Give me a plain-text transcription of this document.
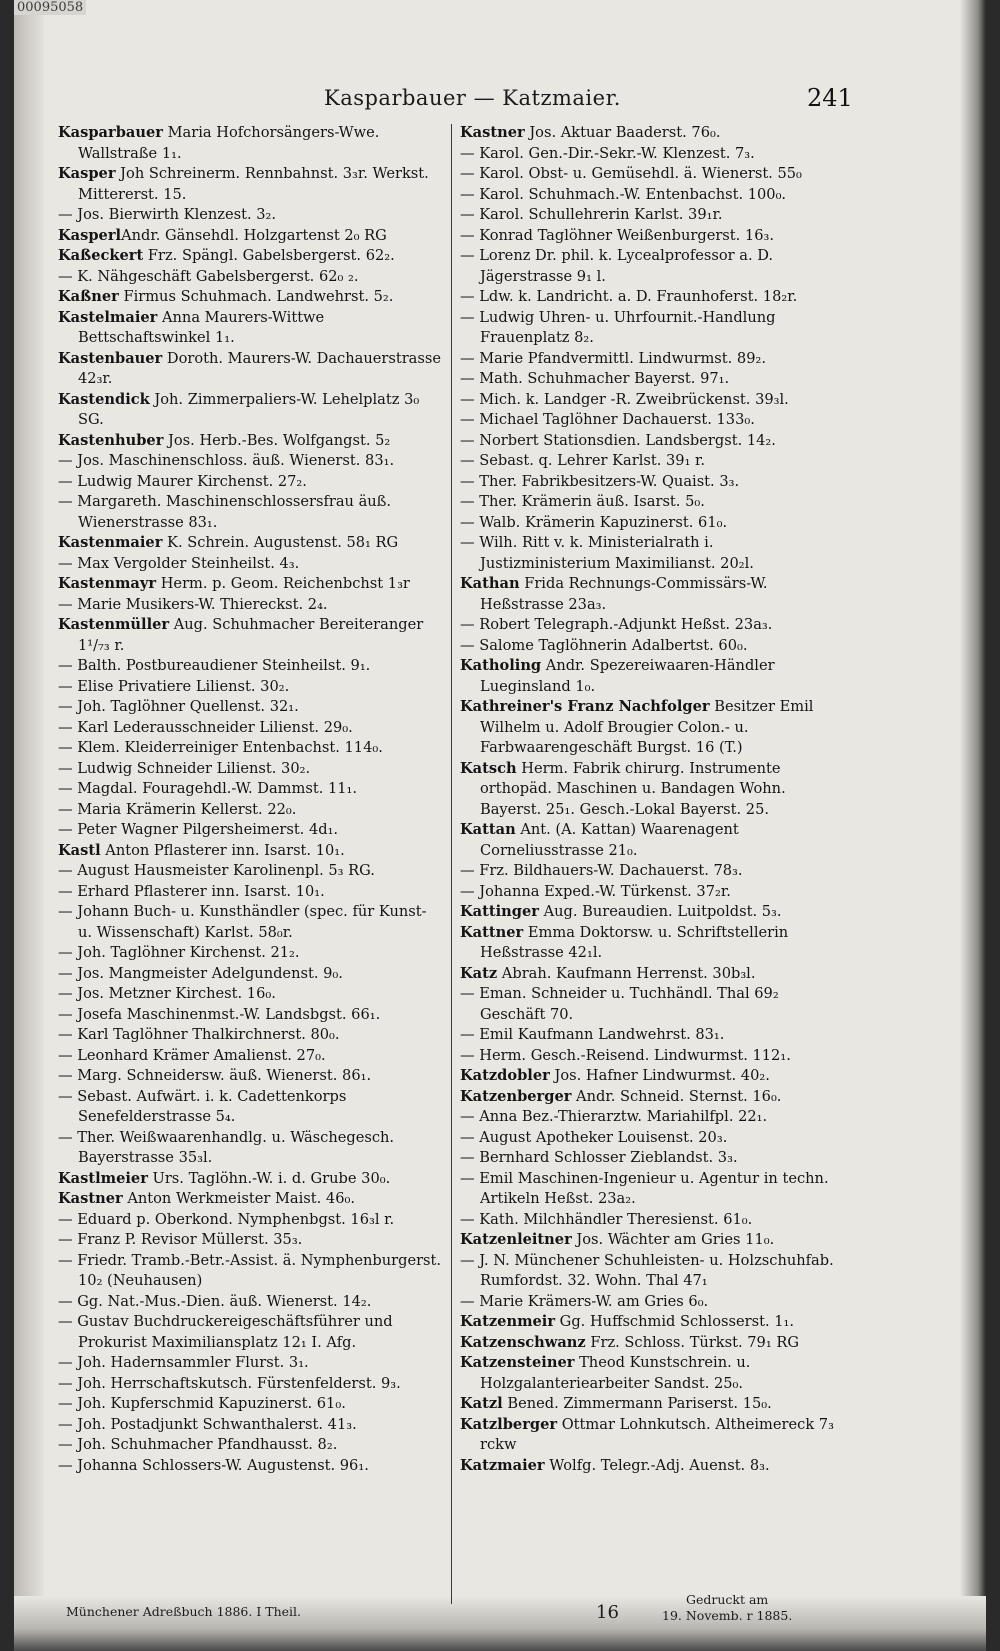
00095058
Kasparbauer — Katzmaier.	241
Kasparbauer Maria Hofchorsängers-Wwe. Wallstraße 1₁.
Kasper Joh Schreinerm. Rennbahnst. 3₃r. Werkst. Mittererst. 15.
— Jos. Bierwirth Klenzest. 3₂.
KasperlAndr. Gänsehdl. Holzgartenst 2₀ RG
Kaßeckert Frz. Spängl. Gabelsbergerst. 62₂.
— K. Nähgeschäft Gabelsbergerst. 62₀ ₂.
Kaßner Firmus Schuhmach. Landwehrst. 5₂.
Kastelmaier Anna Maurers-Wittwe Bettschaftswinkel 1₁.
Kastenbauer Doroth. Maurers-W. Dachauerstrasse 42₃r.
Kastendick Joh. Zimmerpaliers-W. Lehelplatz 3₀ SG.
Kastenhuber Jos. Herb.-Bes. Wolfgangst. 5₂
— Jos. Maschinenschloss. äuß. Wienerst. 83₁.
— Ludwig Maurer Kirchenst. 27₂.
— Margareth. Maschinenschlossersfrau äuß. Wienerstrasse 83₁.
Kastenmaier K. Schrein. Augustenst. 58₁ RG
— Max Vergolder Steinheilst. 4₃.
Kastenmayr Herm. p. Geom. Reichenbchst 1₃r
— Marie Musikers-W. Thiereckst. 2₄.
Kastenmüller Aug. Schuhmacher Bereiteranger 1¹/₇₃ r.
— Balth. Postbureaudiener Steinheilst. 9₁.
— Elise Privatiere Lilienst. 30₂.
— Joh. Taglöhner Quellenst. 32₁.
— Karl Lederausschneider Lilienst. 29₀.
— Klem. Kleiderreiniger Entenbachst. 114₀.
— Ludwig Schneider Lilienst. 30₂.
— Magdal. Fouragehdl.-W. Dammst. 11₁.
— Maria Krämerin Kellerst. 22₀.
— Peter Wagner Pilgersheimerst. 4d₁.
Kastl Anton Pflasterer inn. Isarst. 10₁.
— August Hausmeister Karolinenpl. 5₃ RG.
— Erhard Pflasterer inn. Isarst. 10₁.
— Johann Buch- u. Kunsthändler (spec. für Kunst- u. Wissenschaft) Karlst. 58₀r.
— Joh. Taglöhner Kirchenst. 21₂.
— Jos. Mangmeister Adelgundenst. 9₀.
— Jos. Metzner Kirchest. 16₀.
— Josefa Maschinenmst.-W. Landsbgst. 66₁.
— Karl Taglöhner Thalkirchnerst. 80₀.
— Leonhard Krämer Amalienst. 27₀.
— Marg. Schneidersw. äuß. Wienerst. 86₁.
— Sebast. Aufwärt. i. k. Cadettenkorps Senefelderstrasse 5₄.
— Ther. Weißwaarenhandlg. u. Wäschegesch. Bayerstrasse 35₃l.
Kastlmeier Urs. Taglöhn.-W. i. d. Grube 30₀.
Kastner Anton Werkmeister Maist. 46₀.
— Eduard p. Oberkond. Nymphenbgst. 16₃l r.
— Franz P. Revisor Müllerst. 35₃.
— Friedr. Tramb.-Betr.-Assist. ä. Nymphenburgerst. 10₂ (Neuhausen)
— Gg. Nat.-Mus.-Dien. äuß. Wienerst. 14₂.
— Gustav Buchdruckereigeschäftsführer und Prokurist Maximiliansplatz 12₁ I. Afg.
— Joh. Hadernsammler Flurst. 3₁.
— Joh. Herrschaftskutsch. Fürstenfelderst. 9₃.
— Joh. Kupferschmid Kapuzinerst. 61₀.
— Joh. Postadjunkt Schwanthalerst. 41₃.
— Joh. Schuhmacher Pfandhausst. 8₂.
— Johanna Schlossers-W. Augustenst. 96₁.
Kastner Jos. Aktuar Baaderst. 76₀.
— Karol. Gen.-Dir.-Sekr.-W. Klenzest. 7₃.
— Karol. Obst- u. Gemüsehdl. ä. Wienerst. 55₀
— Karol. Schuhmach.-W. Entenbachst. 100₀.
— Karol. Schullehrerin Karlst. 39₁r.
— Konrad Taglöhner Weißenburgerst. 16₃.
— Lorenz Dr. phil. k. Lycealprofessor a. D. Jägerstrasse 9₁ l.
— Ldw. k. Landricht. a. D. Fraunhoferst. 18₂r.
— Ludwig Uhren- u. Uhrfournit.-Handlung Frauenplatz 8₂.
— Marie Pfandvermittl. Lindwurmst. 89₂.
— Math. Schuhmacher Bayerst. 97₁.
— Mich. k. Landger -R. Zweibrückenst. 39₃l.
— Michael Taglöhner Dachauerst. 133₀.
— Norbert Stationsdien. Landsbergst. 14₂.
— Sebast. q. Lehrer Karlst. 39₁ r.
— Ther. Fabrikbesitzers-W. Quaist. 3₃.
— Ther. Krämerin äuß. Isarst. 5₀.
— Walb. Krämerin Kapuzinerst. 61₀.
— Wilh. Ritt v. k. Ministerialrath i. Justizministerium Maximilianst. 20₂l.
Kathan Frida Rechnungs-Commissärs-W. Heßstrasse 23a₃.
— Robert Telegraph.-Adjunkt Heßst. 23a₃.
— Salome Taglöhnerin Adalbertst. 60₀.
Katholing Andr. Spezereiwaaren-Händler Lueginsland 1₀.
Kathreiner's Franz Nachfolger Besitzer Emil Wilhelm u. Adolf Brougier Colon.- u. Farbwaarengeschäft Burgst. 16 (T.)
Katsch Herm. Fabrik chirurg. Instrumente orthopäd. Maschinen u. Bandagen Wohn. Bayerst. 25₁. Gesch.-Lokal Bayerst. 25.
Kattan Ant. (A. Kattan) Waarenagent Corneliusstrasse 21₀.
— Frz. Bildhauers-W. Dachauerst. 78₃.
— Johanna Exped.-W. Türkenst. 37₂r.
Kattinger Aug. Bureaudien. Luitpoldst. 5₃.
Kattner Emma Doktorsw. u. Schriftstellerin Heßstrasse 42₁l.
Katz Abrah. Kaufmann Herrenst. 30b₃l.
— Eman. Schneider u. Tuchhändl. Thal 69₂ Geschäft 70.
— Emil Kaufmann Landwehrst. 83₁.
— Herm. Gesch.-Reisend. Lindwurmst. 112₁.
Katzdobler Jos. Hafner Lindwurmst. 40₂.
Katzenberger Andr. Schneid. Sternst. 16₀.
— Anna Bez.-Thierarztw. Mariahilfpl. 22₁.
— August Apotheker Louisenst. 20₃.
— Bernhard Schlosser Zieblandst. 3₃.
— Emil Maschinen-Ingenieur u. Agentur in techn. Artikeln Heßst. 23a₂.
— Kath. Milchhändler Theresienst. 61₀.
Katzenleitner Jos. Wächter am Gries 11₀.
— J. N. Münchener Schuhleisten- u. Holzschuhfab. Rumfordst. 32. Wohn. Thal 47₁
— Marie Krämers-W. am Gries 6₀.
Katzenmeir Gg. Huffschmid Schlosserst. 1₁.
Katzenschwanz Frz. Schloss. Türkst. 79₁ RG
Katzensteiner Theod Kunstschrein. u. Holzgalanteriearbeiter Sandst. 25₀.
Katzl Bened. Zimmermann Pariserst. 15₀.
Katzlberger Ottmar Lohnkutsch. Altheimereck 7₃ rckw
Katzmaier Wolfg. Telegr.-Adj. Auenst. 8₃.
Münchener Adreßbuch 1886. I Theil.	16
Gedruckt am
19. Novemb. r 1885.
